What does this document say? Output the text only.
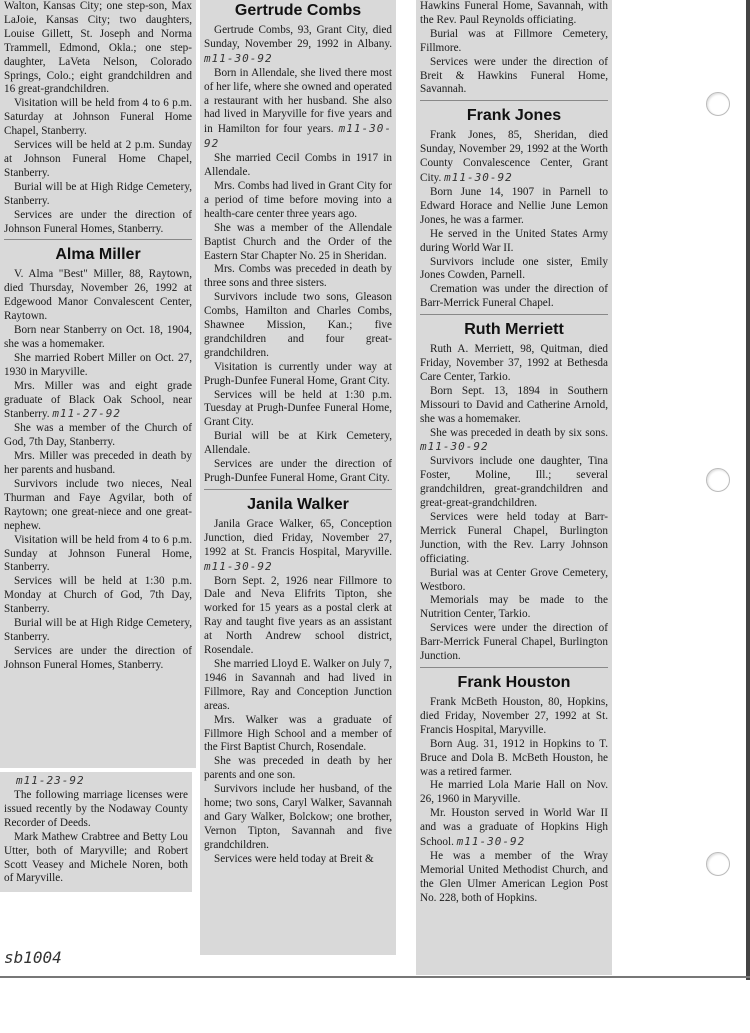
Walton, Kansas City; one step-son, Max LaJoie, Kansas City; two daughters, Louise Gillett, St. Joseph and Norma Trammell, Edmond, Okla.; one step-daughter, LaVeta Nelson, Colorado Springs, Colo.; eight grandchildren and 16 great-grandchildren.

Visitation will be held from 4 to 6 p.m. Saturday at Johnson Funeral Home Chapel, Stanberry.

Services will be held at 2 p.m. Sunday at Johnson Funeral Home Chapel, Stanberry.

Burial will be at High Ridge Cemetery, Stanberry.

Services are under the direction of Johnson Funeral Homes, Stanberry.

Alma Miller

V. Alma "Best" Miller, 88, Raytown, died Thursday, November 26, 1992 at Edgewood Manor Convalescent Center, Raytown.

Born near Stanberry on Oct. 18, 1904, she was a homemaker.

She married Robert Miller on Oct. 27, 1930 in Maryville.

Mrs. Miller was and eight grade graduate of Black Oak School, near Stanberry. m11-27-92

She was a member of the Church of God, 7th Day, Stanberry.

Mrs. Miller was preceded in death by her parents and husband.

Survivors include two nieces, Neal Thurman and Faye Agvilar, both of Raytown; one great-niece and one great-nephew.

Visitation will be held from 4 to 6 p.m. Sunday at Johnson Funeral Home, Stanberry.

Services will be held at 1:30 p.m. Monday at Church of God, 7th Day, Stanberry.

Burial will be at High Ridge Cemetery, Stanberry.

Services are under the direction of Johnson Funeral Homes, Stanberry.

m11-23-92

The following marriage licenses were issued recently by the Nodaway County Recorder of Deeds.

Mark Mathew Crabtree and Betty Lou Utter, both of Maryville; and Robert Scott Veasey and Michele Noren, both of Maryville.

Gertrude Combs

Gertrude Combs, 93, Grant City, died Sunday, November 29, 1992 in Albany. m11-30-92

Born in Allendale, she lived there most of her life, where she owned and operated a restaurant with her husband. She also had lived in Maryville for five years and in Hamilton for four years. m11-30-92

She married Cecil Combs in 1917 in Allendale.

Mrs. Combs had lived in Grant City for a period of time before moving into a health-care center three years ago.

She was a member of the Allendale Baptist Church and the Order of the Eastern Star Chapter No. 25 in Sheridan.

Mrs. Combs was preceded in death by three sons and three sisters.

Survivors include two sons, Gleason Combs, Hamilton and Charles Combs, Shawnee Mission, Kan.; five grandchildren and four great-grandchildren.

Visitation is currently under way at Prugh-Dunfee Funeral Home, Grant City.

Services will be held at 1:30 p.m. Tuesday at Prugh-Dunfee Funeral Home, Grant City.

Burial will be at Kirk Cemetery, Allendale.

Services are under the direction of Prugh-Dunfee Funeral Home, Grant City.

Janila Walker

Janila Grace Walker, 65, Conception Junction, died Friday, November 27, 1992 at St. Francis Hospital, Maryville. m11-30-92

Born Sept. 2, 1926 near Fillmore to Dale and Neva Elifrits Tipton, she worked for 15 years as a postal clerk at Ray and taught five years as an assistant at North Andrew school district, Rosendale.

She married Lloyd E. Walker on July 7, 1946 in Savannah and had lived in Fillmore, Ray and Conception Junction areas.

Mrs. Walker was a graduate of Fillmore High School and a member of the First Baptist Church, Rosendale.

She was preceded in death by her parents and one son.

Survivors include her husband, of the home; two sons, Caryl Walker, Savannah and Gary Walker, Bolckow; one brother, Vernon Tipton, Savannah and five grandchildren.

Services were held today at Breit &

Hawkins Funeral Home, Savannah, with the Rev. Paul Reynolds officiating.

Burial was at Fillmore Cemetery, Fillmore.

Services were under the direction of Breit & Hawkins Funeral Home, Savannah.

Frank Jones

Frank Jones, 85, Sheridan, died Sunday, November 29, 1992 at the Worth County Convalescence Center, Grant City. m11-30-92

Born June 14, 1907 in Parnell to Edward Horace and Nellie June Lemon Jones, he was a farmer.

He served in the United States Army during World War II.

Survivors include one sister, Emily Jones Cowden, Parnell.

Cremation was under the direction of Barr-Merrick Funeral Chapel.

Ruth Merriett

Ruth A. Merriett, 98, Quitman, died Friday, November 37, 1992 at Bethesda Care Center, Tarkio.

Born Sept. 13, 1894 in Southern Missouri to David and Catherine Arnold, she was a homemaker.

She was preceded in death by six sons. m11-30-92

Survivors include one daughter, Tina Foster, Moline, Ill.; several grandchildren, great-grandchildren and great-great-grandchildren.

Services were held today at Barr-Merrick Funeral Chapel, Burlington Junction, with the Rev. Larry Johnson officiating.

Burial was at Center Grove Cemetery, Westboro.

Memorials may be made to the Nutrition Center, Tarkio.

Services were under the direction of Barr-Merrick Funeral Chapel, Burlington Junction.

Frank Houston

Frank McBeth Houston, 80, Hopkins, died Friday, November 27, 1992 at St. Francis Hospital, Maryville.

Born Aug. 31, 1912 in Hopkins to T. Bruce and Dola B. McBeth Houston, he was a retired farmer.

He married Lola Marie Hall on Nov. 26, 1960 in Maryville.

Mr. Houston served in World War II and was a graduate of Hopkins High School. m11-30-92

He was a member of the Wray Memorial United Methodist Church, and the Glen Ulmer American Legion Post No. 228, both of Hopkins.

sb1004
